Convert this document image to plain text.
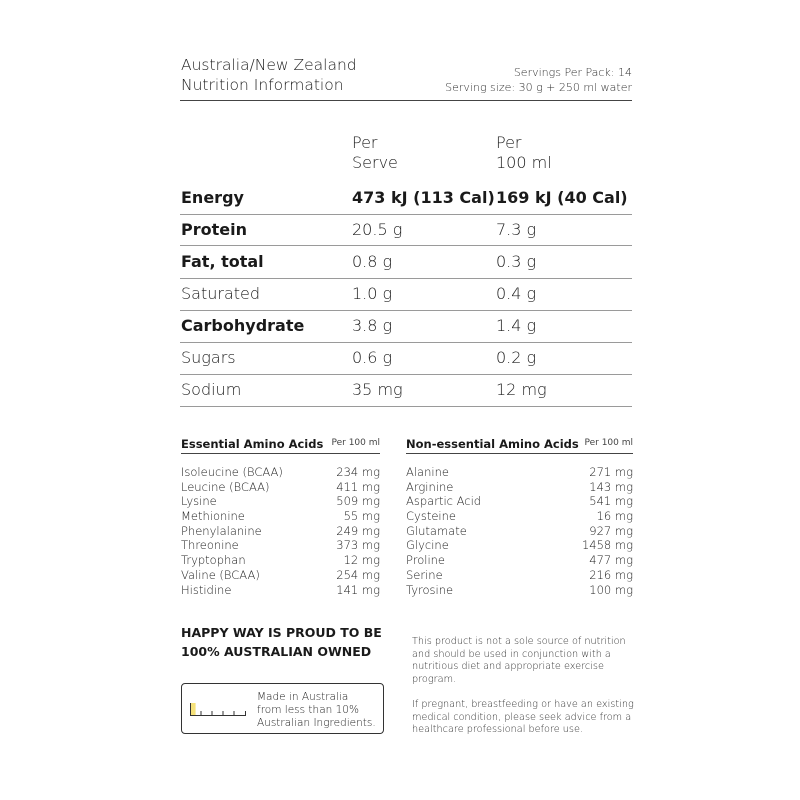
Australia/New Zealand
Nutrition Information
Servings Per Pack: 14
Serving size: 30 g + 250 ml water
Per
Serve
Per
100 ml
Energy	473 kJ (113 Cal) 169 kJ (40 Cal)
Protein	20.5 g	7.3 g
Fat, total	0.8 g	0.3 g
Saturated	1.0 g	0.4 g
Carbohydrate	3.8 g	1.4 g
Sugars	0.6 g	0.2 g
Sodium	35 mg	12 mg
Essential Amino Acids Per 100 ml Non-essential Amino Acids Per 100 ml
Isoleucine (BCAA)	234 mg
Leucine (BCAA)	411 mg
Lysine	509 mg
Methionine	55 mg
Phenylalanine	249 mg
Threonine	373 mg
Tryptophan	12 mg
Valine (BCAA)	254 mg
Histidine	141 mg
Alanine	271 mg
Arginine	143 mg
Aspartic Acid	541 mg
Cysteine	16 mg
Glutamate	927 mg
Glycine	1458 mg
Proline	477 mg
Serine	216 mg
Tyrosine	100 mg
HAPPY WAY IS PROUD TO BE
100% AUSTRALIAN OWNED
Made in Australia
from less than 10%
Australian Ingredients.

This product is not a sole source of nutrition and should be used in conjunction with a nutritious diet and appropriate exercise program.

If pregnant, breastfeeding or have an existing medical condition, please seek advice from a healthcare professional before use.
